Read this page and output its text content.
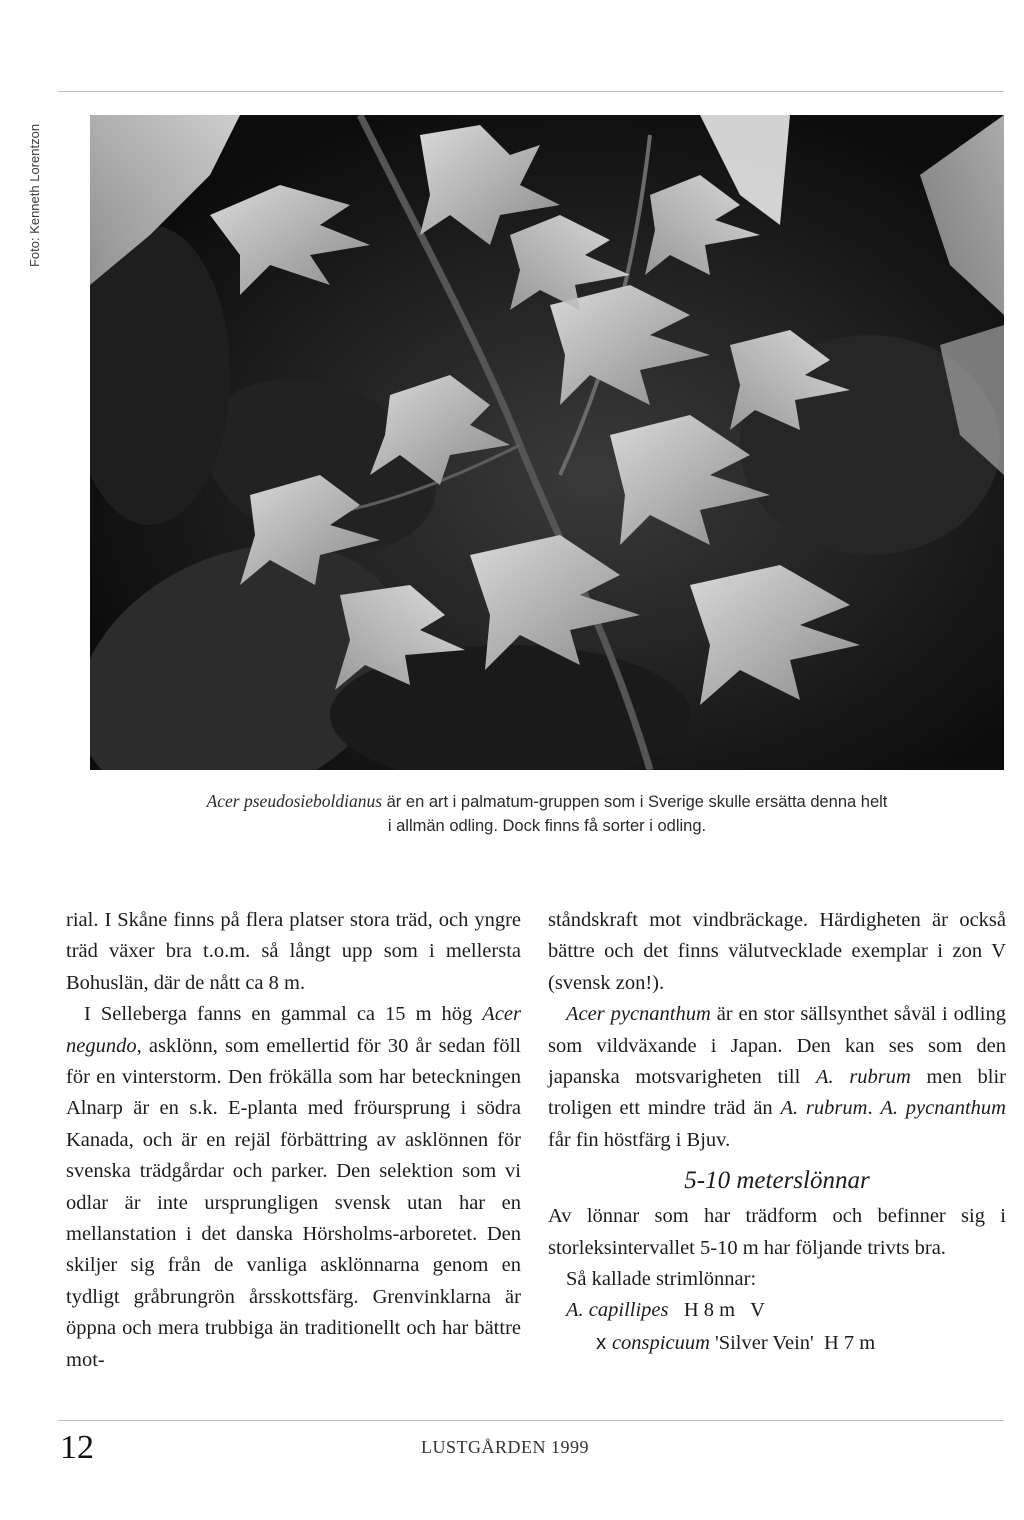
Foto: Kenneth Lorentzon
Acer pseudosieboldianus är en art i palmatum-gruppen som i Sverige skulle ersätta denna helt
i allmän odling. Dock finns få sorter i odling.

rial. I Skåne finns på flera platser stora träd, och yngre träd växer bra t.o.m. så långt upp som i mellersta Bohuslän, där de nått ca 8 m.

I Selleberga fanns en gammal ca 15 m hög Acer negundo, asklönn, som emellertid för 30 år sedan föll för en vinterstorm. Den frökälla som har beteckningen Alnarp är en s.k. E-planta med fröursprung i södra Kanada, och är en rejäl förbättring av asklönnen för svenska trädgårdar och parker. Den selektion som vi odlar är inte ursprungligen svensk utan har en mellanstation i det danska Hörsholms-arboretet. Den skiljer sig från de vanliga asklönnarna genom en tydligt gråbrungrön årsskottsfärg. Grenvinklarna är öppna och mera trubbiga än traditionellt och har bättre mot-

ståndskraft mot vindbräckage. Härdigheten är också bättre och det finns välutvecklade exemplar i zon V (svensk zon!).

Acer pycnanthum är en stor sällsynthet såväl i odling som vildväxande i Japan. Den kan ses som den japanska motsvarigheten till A. rubrum men blir troligen ett mindre träd än A. rubrum. A. pycnanthum får fin höstfärg i Bjuv.

5-10 meterslönnar

Av lönnar som har trädform och befinner sig i storleksintervallet 5-10 m har följande trivts bra.

Så kallade strimlönnar:

A. capillipes   H 8 m   V

x conspicuum 'Silver Vein'  H 7 m

12	LUSTGÅRDEN 1999
